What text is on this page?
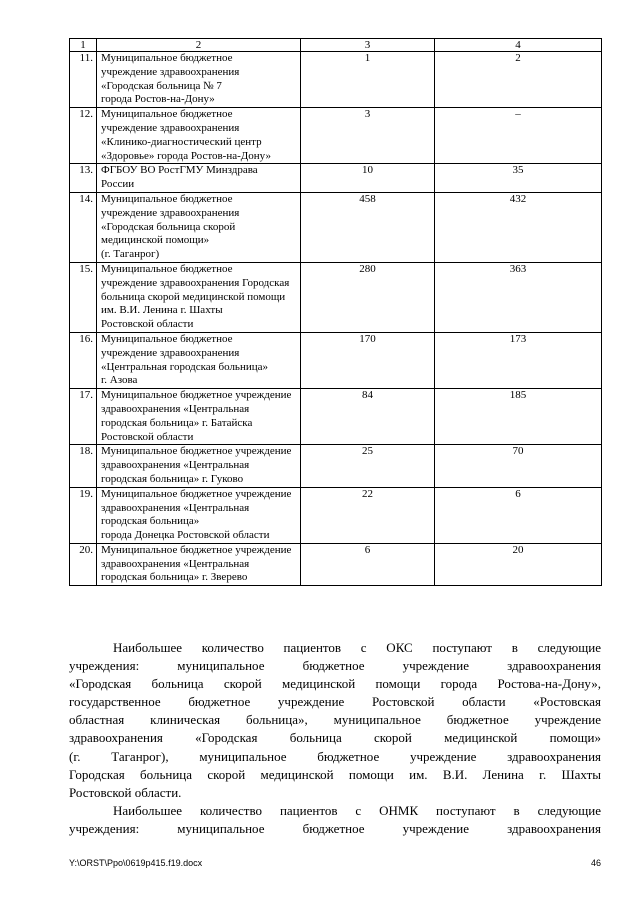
1	2	3	4
11.	Муниципальное бюджетное
учреждение здравоохранения
«Городская больница № 7
города Ростов-на-Дону»	1	2
12.	Муниципальное бюджетное
учреждение здравоохранения
«Клинико-диагностический центр
«Здоровье» города Ростов-на-Дону»	3	–
13.	ФГБОУ ВО РостГМУ Минздрава
России	10	35
14.	Муниципальное бюджетное
учреждение здравоохранения
«Городская больница скорой
медицинской помощи»
(г. Таганрог)	458	432
15.	Муниципальное бюджетное
учреждение здравоохранения Городская
больница скорой медицинской помощи
им. В.И. Ленина г. Шахты
Ростовской области	280	363
16.	Муниципальное бюджетное
учреждение здравоохранения
«Центральная городская больница»
г. Азова	170	173
17.	Муниципальное бюджетное учреждение
здравоохранения «Центральная
городская больница» г. Батайска
Ростовской области	84	185
18.	Муниципальное бюджетное учреждение
здравоохранения «Центральная
городская больница» г. Гуково	25	70
19.	Муниципальное бюджетное учреждение
здравоохранения «Центральная
городская больница»
города Донецка Ростовской области	22	6
20.	Муниципальное бюджетное учреждение
здравоохранения «Центральная
городская больница» г. Зверево	6	20
Наибольшее количество пациентов с ОКС поступают в следующие
учреждения: муниципальное бюджетное учреждение здравоохранения
«Городская больница скорой медицинской помощи города Ростова-на-Дону»,
государственное бюджетное учреждение Ростовской области «Ростовская
областная клиническая больница», муниципальное бюджетное учреждение
здравоохранения «Городская больница скорой медицинской помощи»
(г. Таганрог), муниципальное бюджетное учреждение здравоохранения
Городская больница скорой медицинской помощи им. В.И. Ленина г. Шахты
Ростовской области.
Наибольшее количество пациентов с ОНМК поступают в следующие
учреждения: муниципальное бюджетное учреждение здравоохранения
Y:\ORST\Ppo\0619p415.f19.docx	46
